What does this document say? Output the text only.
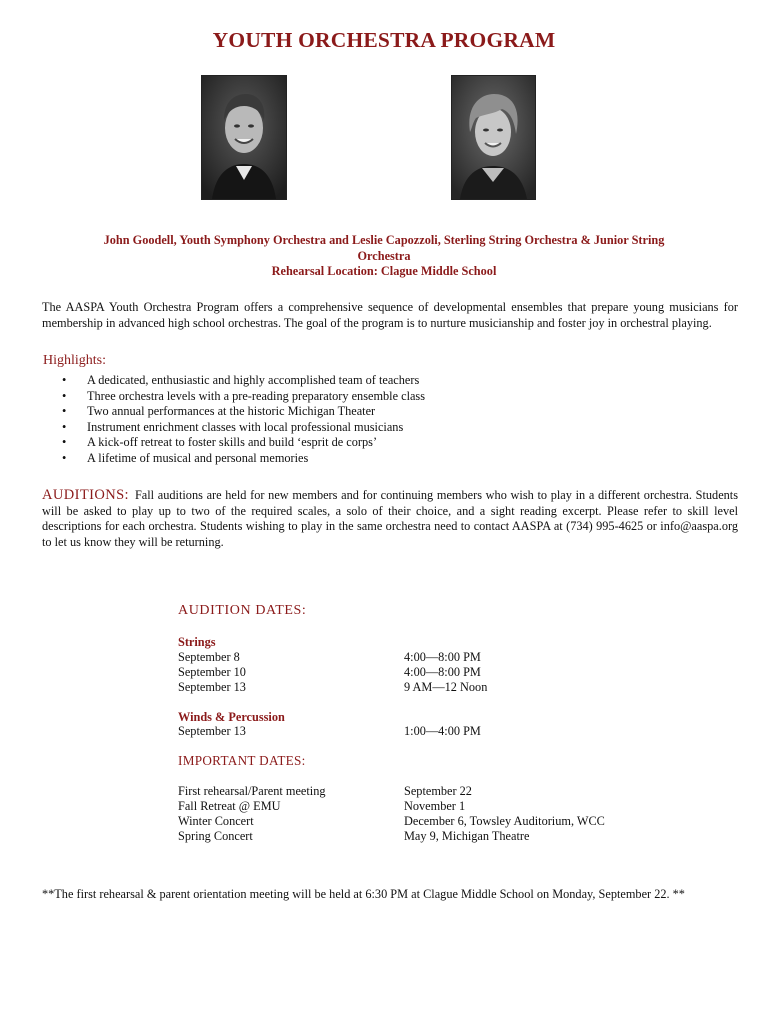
YOUTH ORCHESTRA PROGRAM
John Goodell, Youth Symphony Orchestra and Leslie Capozzoli, Sterling String Orchestra & Junior String
Orchestra
Rehearsal Location: Clague Middle School

The AASPA Youth Orchestra Program offers a comprehensive sequence of developmental ensembles that prepare young musicians for membership in advanced high school orchestras. The goal of the program is to nurture musicianship and foster joy in orchestral playing.

Highlights:
• A dedicated, enthusiastic and highly accomplished team of teachers
• Three orchestra levels with a pre-reading preparatory ensemble class
• Two annual performances at the historic Michigan Theater
• Instrument enrichment classes with local professional musicians
• A kick-off retreat to foster skills and build ‘esprit de corps’
• A lifetime of musical and personal memories

AUDITIONS: Fall auditions are held for new members and for continuing members who wish to play in a different orchestra. Students will be asked to play up to two of the required scales, a solo of their choice, and a sight reading excerpt. Please refer to skill level descriptions for each orchestra. Students wishing to play in the same orchestra need to contact AASPA at (734) 995-4625 or info@aaspa.org to let us know they will be returning.

AUDITION DATES:
Strings
September 8	4:00—8:00 PM
September 10	4:00—8:00 PM
September 13	9 AM—12 Noon
Winds & Percussion
September 13	1:00—4:00 PM
IMPORTANT DATES:
First rehearsal/Parent meeting	September 22
Fall Retreat @ EMU	November 1
Winter Concert	December 6, Towsley Auditorium, WCC
Spring Concert	May 9, Michigan Theatre
**The first rehearsal & parent orientation meeting will be held at 6:30 PM at Clague Middle School on Monday, September 22. **
